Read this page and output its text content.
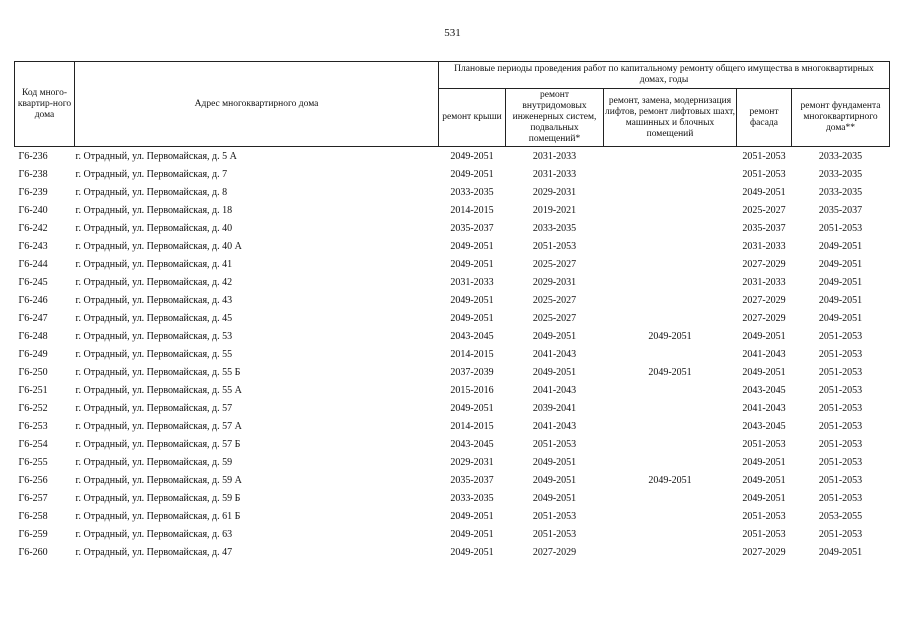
531
Код много-квартир-ного дома	Адрес многоквартирного дома	Плановые периоды проведения работ по капитальному ремонту общего имущества в многоквартирных домах, годы				
		ремонт крыши	ремонт внутридомовых инженерных систем, подвальных помещений*	ремонт, замена, модернизация лифтов, ремонт лифтовых шахт, машинных и блочных помещений	ремонт фасада	ремонт фундамента многоквартирного дома**
Г6-236	г. Отрадный, ул. Первомайская, д. 5 А	2049-2051	2031-2033		2051-2053	2033-2035
Г6-238	г. Отрадный, ул. Первомайская, д. 7	2049-2051	2031-2033		2051-2053	2033-2035
Г6-239	г. Отрадный, ул. Первомайская, д. 8	2033-2035	2029-2031		2049-2051	2033-2035
Г6-240	г. Отрадный, ул. Первомайская, д. 18	2014-2015	2019-2021		2025-2027	2035-2037
Г6-242	г. Отрадный, ул. Первомайская, д. 40	2035-2037	2033-2035		2035-2037	2051-2053
Г6-243	г. Отрадный, ул. Первомайская, д. 40 А	2049-2051	2051-2053		2031-2033	2049-2051
Г6-244	г. Отрадный, ул. Первомайская, д. 41	2049-2051	2025-2027		2027-2029	2049-2051
Г6-245	г. Отрадный, ул. Первомайская, д. 42	2031-2033	2029-2031		2031-2033	2049-2051
Г6-246	г. Отрадный, ул. Первомайская, д. 43	2049-2051	2025-2027		2027-2029	2049-2051
Г6-247	г. Отрадный, ул. Первомайская, д. 45	2049-2051	2025-2027		2027-2029	2049-2051
Г6-248	г. Отрадный, ул. Первомайская, д. 53	2043-2045	2049-2051	2049-2051	2049-2051	2051-2053
Г6-249	г. Отрадный, ул. Первомайская, д. 55	2014-2015	2041-2043		2041-2043	2051-2053
Г6-250	г. Отрадный, ул. Первомайская, д. 55 Б	2037-2039	2049-2051	2049-2051	2049-2051	2051-2053
Г6-251	г. Отрадный, ул. Первомайская, д. 55 А	2015-2016	2041-2043		2043-2045	2051-2053
Г6-252	г. Отрадный, ул. Первомайская, д. 57	2049-2051	2039-2041		2041-2043	2051-2053
Г6-253	г. Отрадный, ул. Первомайская, д. 57 А	2014-2015	2041-2043		2043-2045	2051-2053
Г6-254	г. Отрадный, ул. Первомайская, д. 57 Б	2043-2045	2051-2053		2051-2053	2051-2053
Г6-255	г. Отрадный, ул. Первомайская, д. 59	2029-2031	2049-2051		2049-2051	2051-2053
Г6-256	г. Отрадный, ул. Первомайская, д. 59 А	2035-2037	2049-2051	2049-2051	2049-2051	2051-2053
Г6-257	г. Отрадный, ул. Первомайская, д. 59 Б	2033-2035	2049-2051		2049-2051	2051-2053
Г6-258	г. Отрадный, ул. Первомайская, д. 61 Б	2049-2051	2051-2053		2051-2053	2053-2055
Г6-259	г. Отрадный, ул. Первомайская, д. 63	2049-2051	2051-2053		2051-2053	2051-2053
Г6-260	г. Отрадный, ул. Первомайская, д. 47	2049-2051	2027-2029		2027-2029	2049-2051
